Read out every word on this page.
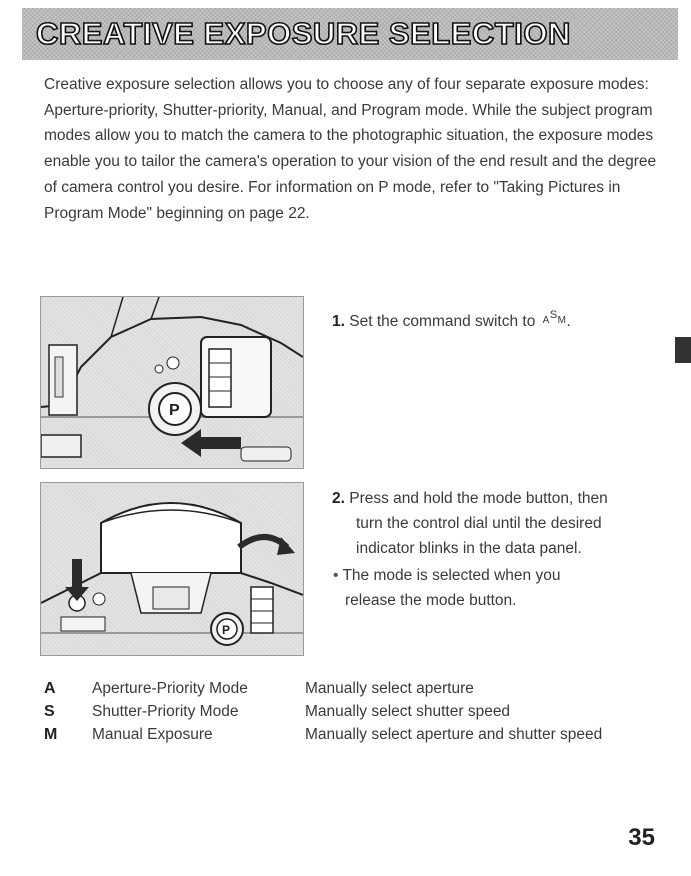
CREATIVE EXPOSURE SELECTION

Creative exposure selection allows you to choose any of four separate exposure modes: Aperture-priority, Shutter-priority, Manual, and Program mode. While the subject program modes allow you to match the camera to the photographic situation, the exposure modes enable you to tailor the camera's operation to your vision of the end result and the degree of camera control you desire. For information on P mode, refer to "Taking Pictures in Program Mode" beginning on page 22.

P
1. Set the command switch to ASM.
P
2. Press and hold the mode button, then
turn the control dial until the desired
indicator blinks in the data panel.
• The mode is selected when you
release the mode button.
A Aperture-Priority Mode	Manually select aperture
S Shutter-Priority Mode	Manually select shutter speed
M Manual Exposure	Manually select aperture and shutter speed
35
